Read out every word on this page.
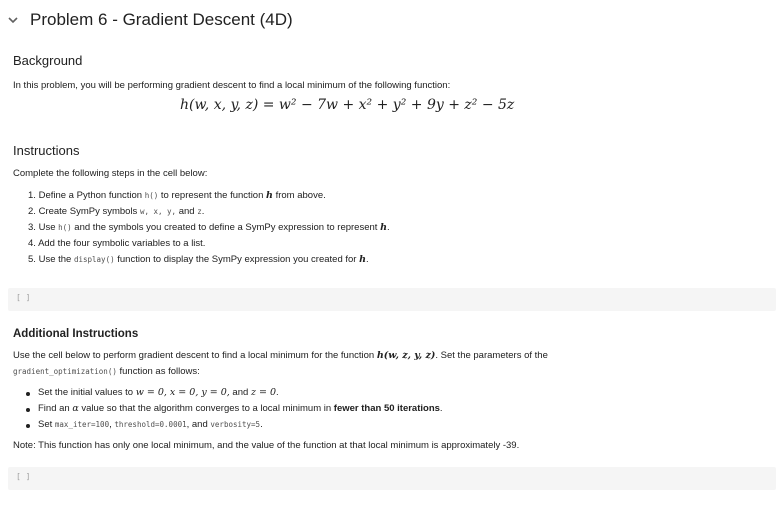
Problem 6 - Gradient Descent (4D)
Background
In this problem, you will be performing gradient descent to find a local minimum of the following function:
h(w, x, y, z) = w² − 7w + x² + y² + 9y + z² − 5z
Instructions
Complete the following steps in the cell below:
1. Define a Python function h() to represent the function h from above.
2. Create SymPy symbols w, x, y, and z.
3. Use h() and the symbols you created to define a SymPy expression to represent h.
4. Add the four symbolic variables to a list.
5. Use the display() function to display the SymPy expression you created for h.
[ ]
Additional Instructions
Use the cell below to perform gradient descent to find a local minimum for the function h(w, z, y, z). Set the parameters of the
gradient_optimization() function as follows:
Set the initial values to w = 0, x = 0, y = 0, and z = 0.
Find an α value so that the algorithm converges to a local minimum in fewer than 50 iterations.
Set max_iter=100, threshold=0.0001, and verbosity=5.
Note: This function has only one local minimum, and the value of the function at that local minimum is approximately -39.
[ ]
